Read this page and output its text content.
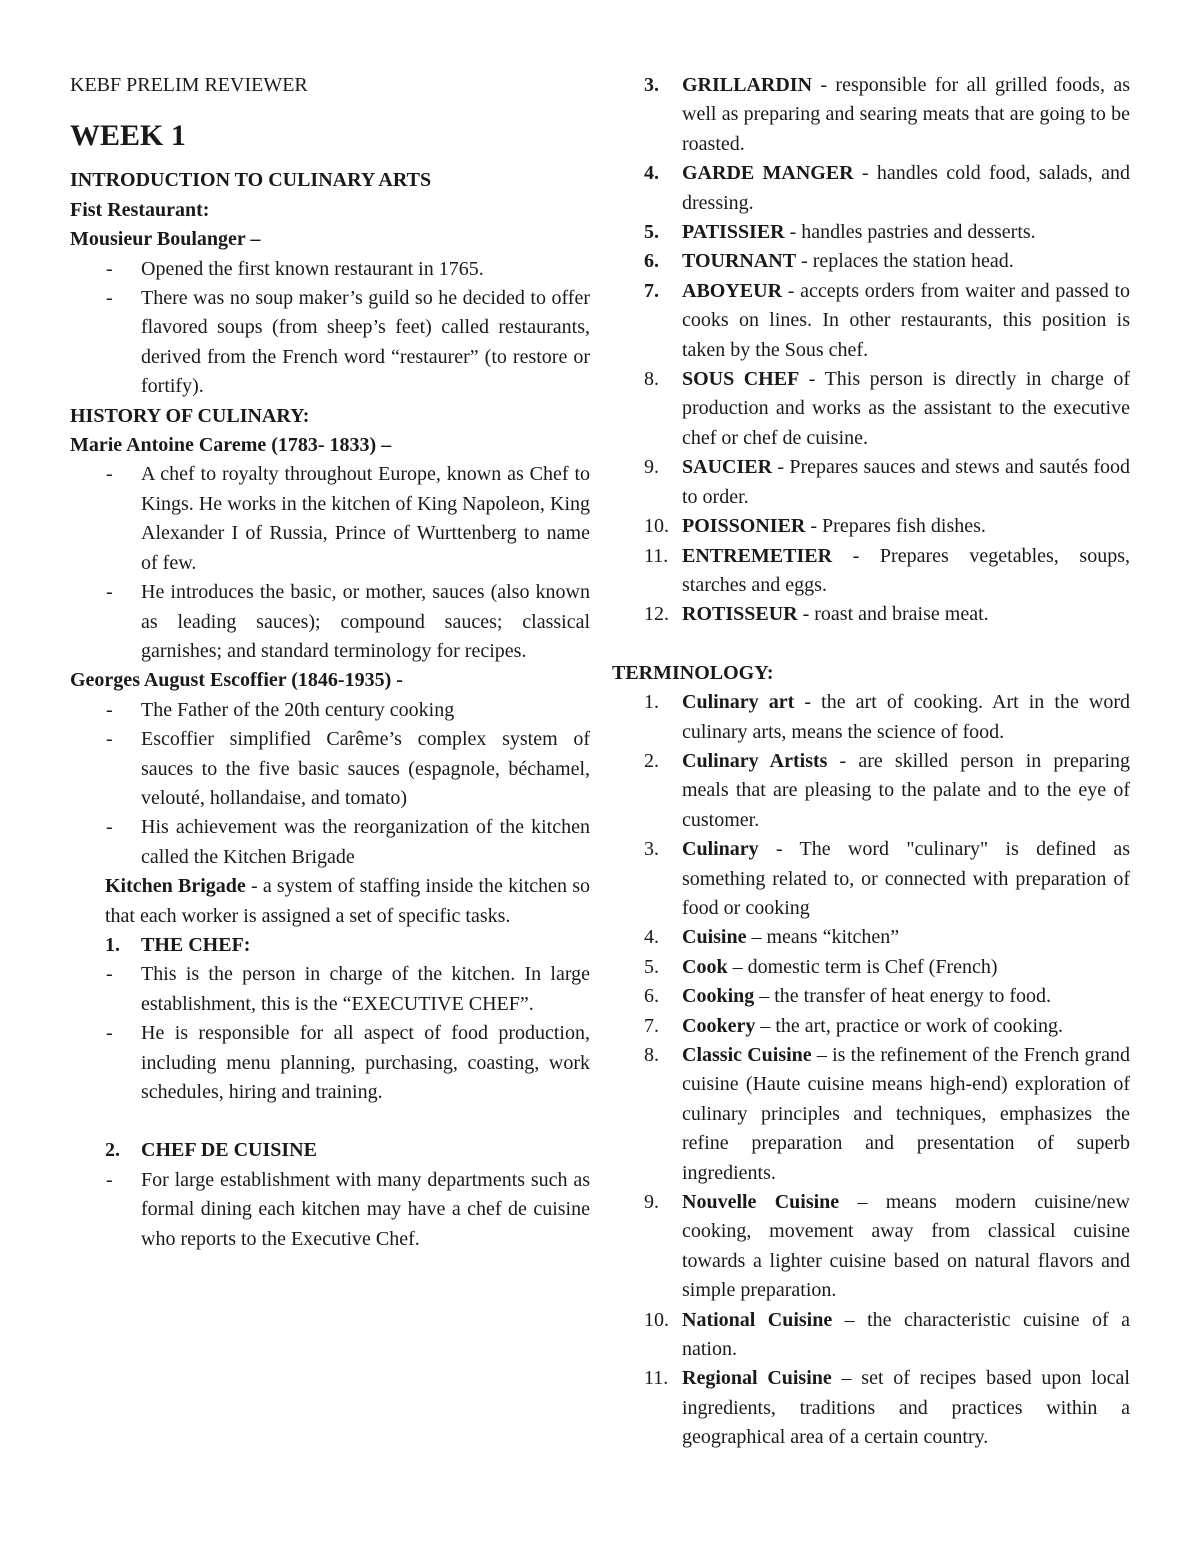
KEBF PRELIM REVIEWER

WEEK 1

INTRODUCTION TO CULINARY ARTS

Fist Restaurant:

Mousieur Boulanger –

- Opened the first known restaurant in 1765.
- There was no soup maker’s guild so he decided to offer flavored soups (from sheep’s feet) called restaurants, derived from the French word “restaurer” (to restore or fortify).

HISTORY OF CULINARY:

Marie Antoine Careme (1783- 1833) –

- A chef to royalty throughout Europe, known as Chef to Kings. He works in the kitchen of King Napoleon, King Alexander I of Russia, Prince of Wurttenberg to name of few.
- He introduces the basic, or mother, sauces (also known as leading sauces); compound sauces; classical garnishes; and standard terminology for recipes.

Georges August Escoffier (1846-1935) -

- The Father of the 20th century cooking
- Escoffier simplified Carême’s complex system of sauces to the five basic sauces (espagnole, béchamel, velouté, hollandaise, and tomato)
- His achievement was the reorganization of the kitchen called the Kitchen Brigade

Kitchen Brigade - a system of staffing inside the kitchen so that each worker is assigned a set of specific tasks.

1. THE CHEF:

- This is the person in charge of the kitchen. In large establishment, this is the “EXECUTIVE CHEF”.
- He is responsible for all aspect of food production, including menu planning, purchasing, coasting, work schedules, hiring and training.

2. CHEF DE CUISINE

- For large establishment with many departments such as formal dining each kitchen may have a chef de cuisine who reports to the Executive Chef.
3. GRILLARDIN - responsible for all grilled foods, as well as preparing and searing meats that are going to be roasted.
4. GARDE MANGER - handles cold food, salads, and dressing.
5. PATISSIER - handles pastries and desserts.
6. TOURNANT - replaces the station head.
7. ABOYEUR - accepts orders from waiter and passed to cooks on lines. In other restaurants, this position is taken by the Sous chef.
8. SOUS CHEF - This person is directly in charge of production and works as the assistant to the executive chef or chef de cuisine.
9. SAUCIER - Prepares sauces and stews and sautés food to order.
10. POISSONIER - Prepares fish dishes.
11. ENTREMETIER - Prepares vegetables, soups, starches and eggs.
12. ROTISSEUR - roast and braise meat.

TERMINOLOGY:

1. Culinary art - the art of cooking. Art in the word culinary arts, means the science of food.
2. Culinary Artists - are skilled person in preparing meals that are pleasing to the palate and to the eye of customer.
3. Culinary - The word "culinary" is defined as something related to, or connected with preparation of food or cooking
4. Cuisine – means “kitchen”
5. Cook – domestic term is Chef (French)
6. Cooking – the transfer of heat energy to food.
7. Cookery – the art, practice or work of cooking.
8. Classic Cuisine – is the refinement of the French grand cuisine (Haute cuisine means high-end) exploration of culinary principles and techniques, emphasizes the refine preparation and presentation of superb ingredients.
9. Nouvelle Cuisine – means modern cuisine/new cooking, movement away from classical cuisine towards a lighter cuisine based on natural flavors and simple preparation.
10. National Cuisine – the characteristic cuisine of a nation.
11. Regional Cuisine – set of recipes based upon local ingredients, traditions and practices within a geographical area of a certain country.
